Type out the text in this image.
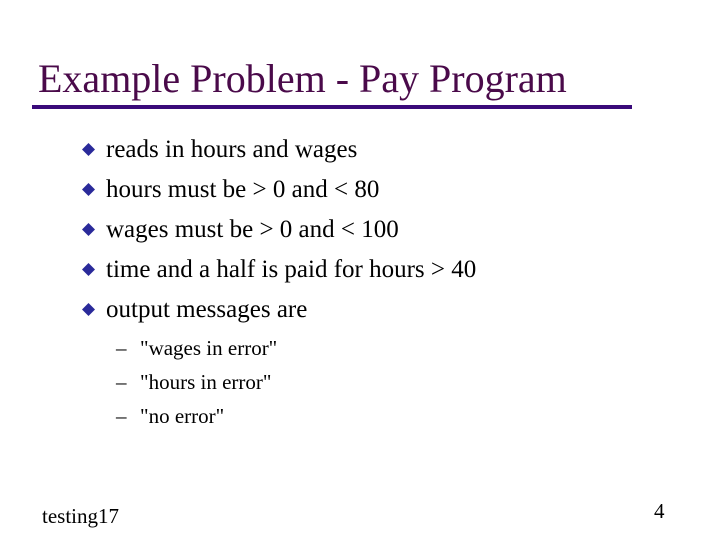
Example Problem - Pay Program
reads in hours and wages
hours must be > 0 and < 80
wages must be > 0 and < 100
time and a half is paid for hours > 40
output messages are
– "wages in error"
– "hours in error"
– "no error"
testing17	4
